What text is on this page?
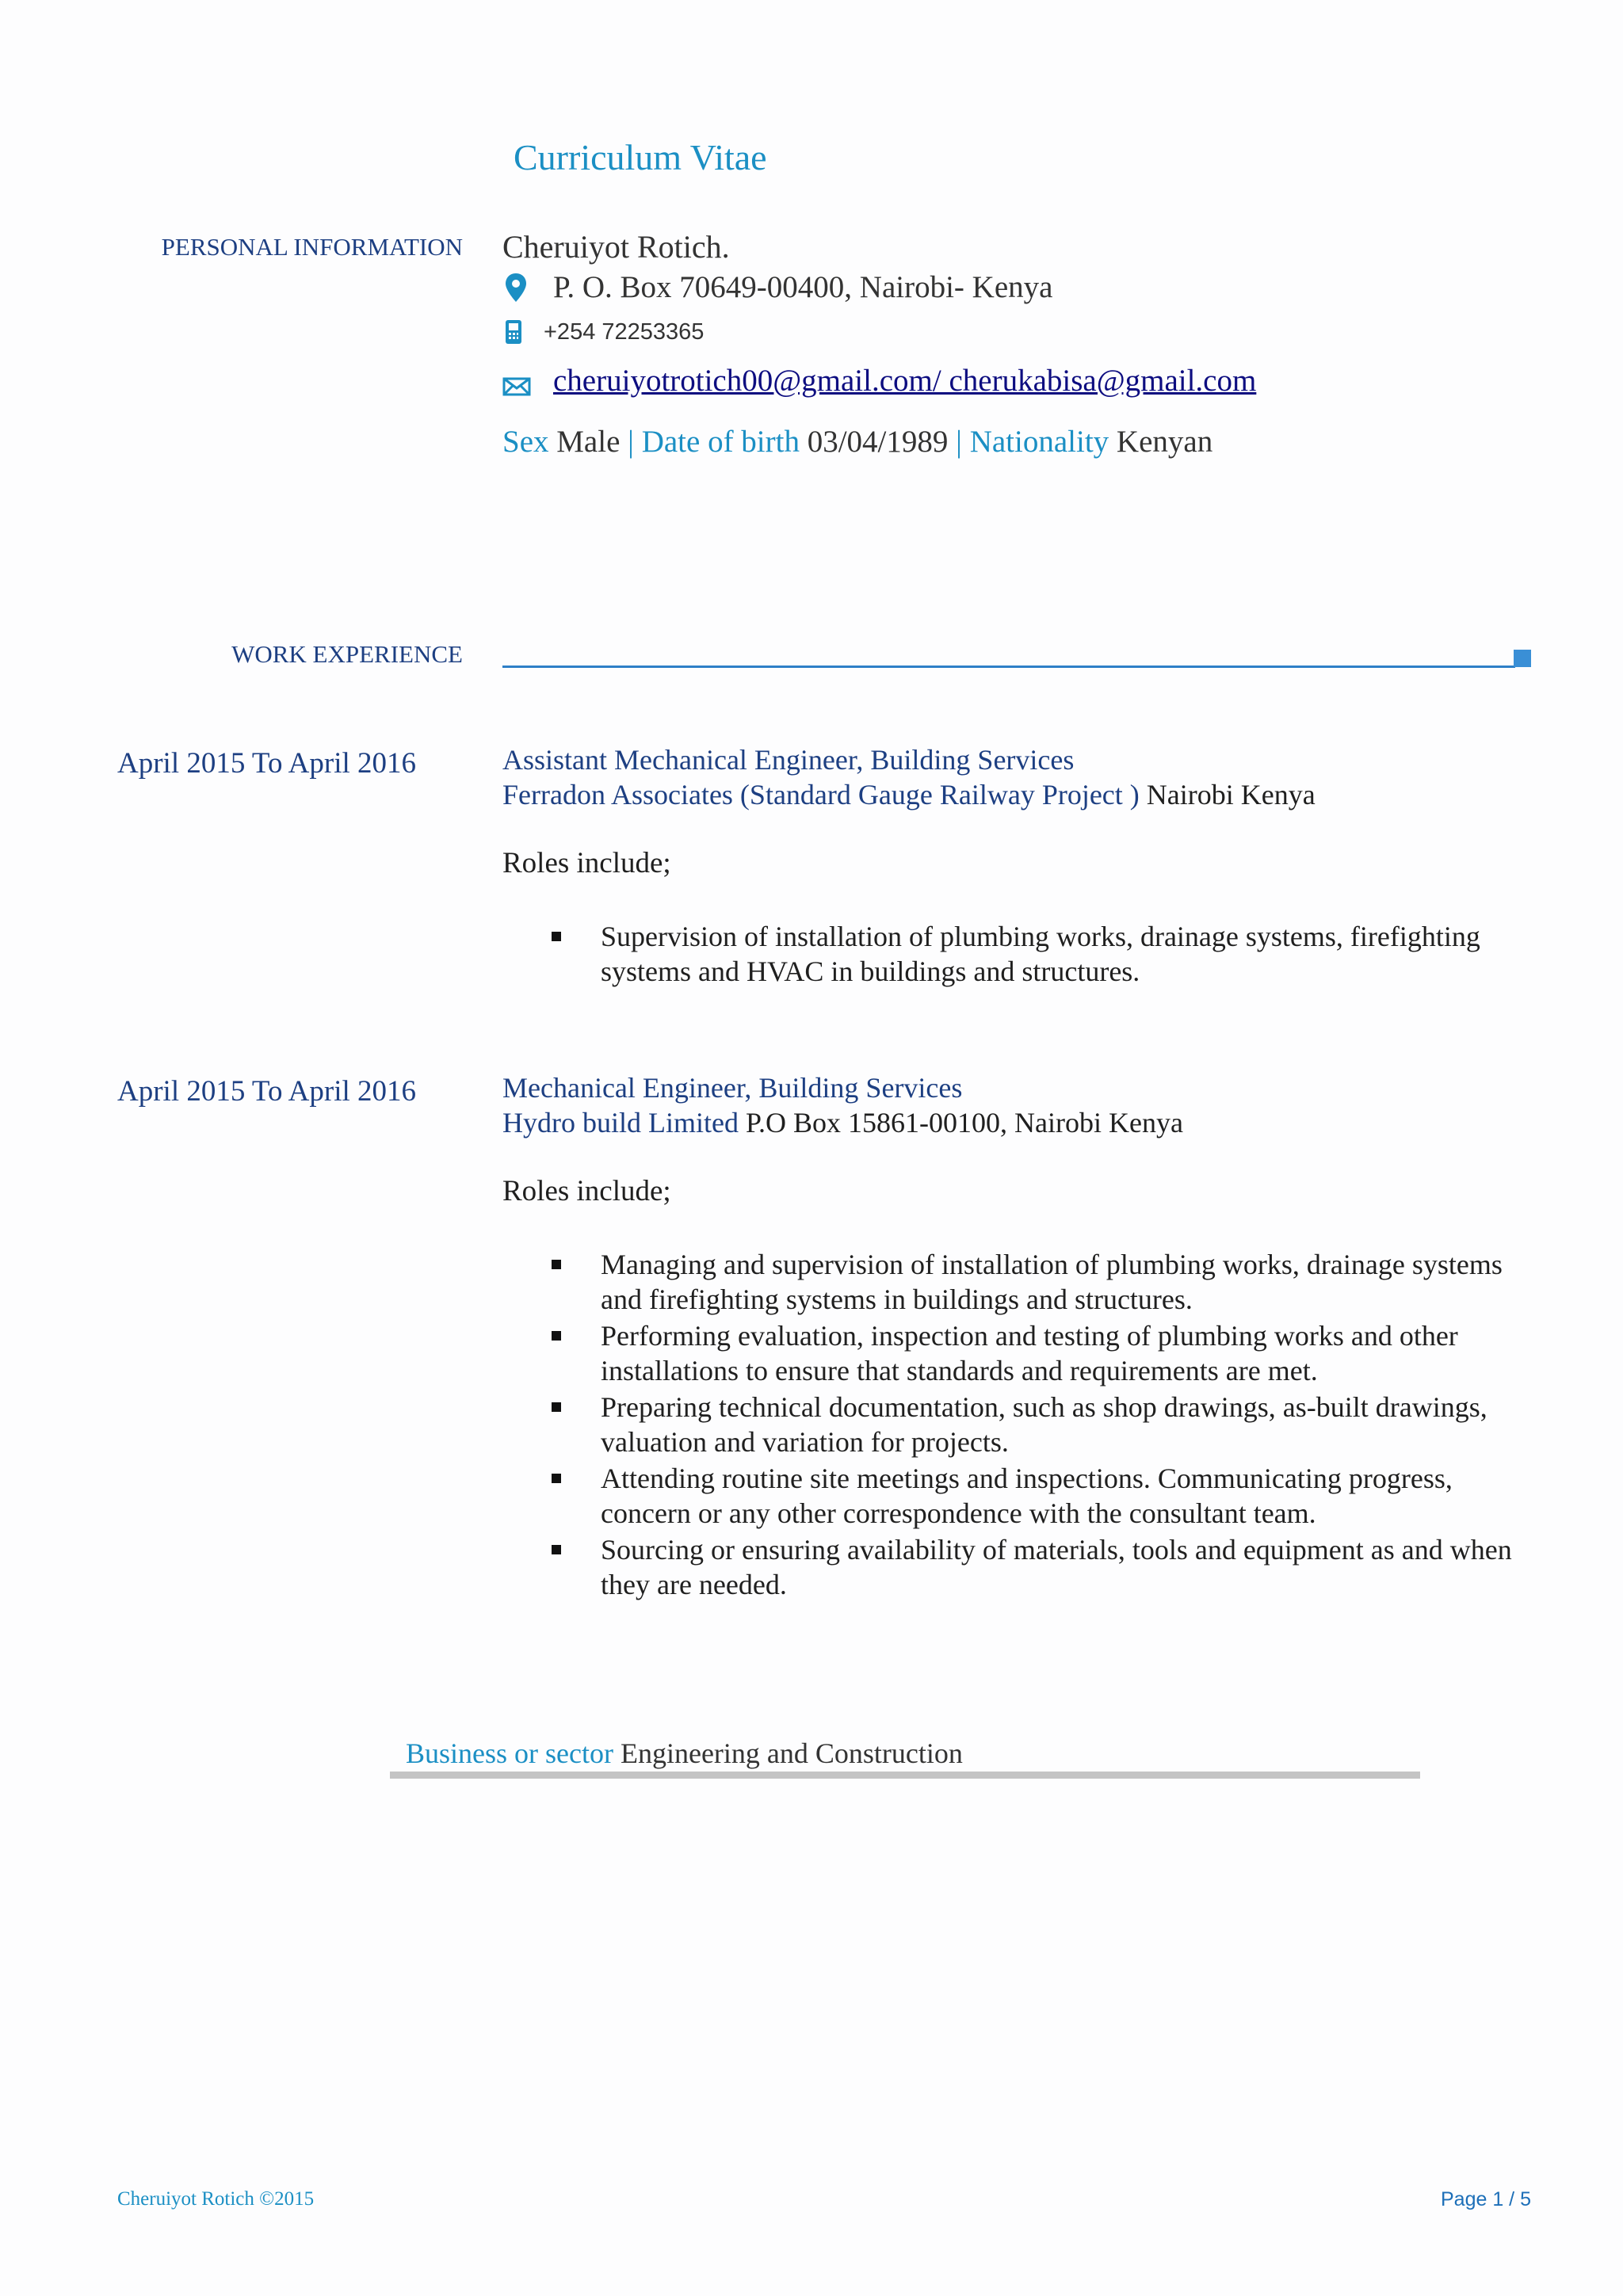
Curriculum Vitae
PERSONAL INFORMATION Cheruiyot Rotich.
P. O. Box 70649-00400, Nairobi- Kenya
+254 72253365
cheruiyotrotich00@gmail.com/ cherukabisa@gmail.com
Sex Male | Date of birth 03/04/1989 | Nationality Kenyan
WORK EXPERIENCE
April 2015 To April 2016	Assistant Mechanical Engineer, Building Services
Ferradon Associates (Standard Gauge Railway Project ) Nairobi Kenya
Roles include;
Supervision of installation of plumbing works, drainage systems, firefighting systems and HVAC in buildings and structures.
April 2015 To April 2016	Mechanical Engineer, Building Services
Hydro build Limited P.O Box 15861-00100, Nairobi Kenya
Roles include;
Managing and supervision of installation of plumbing works, drainage systems and firefighting systems in buildings and structures.
Performing evaluation, inspection and testing of plumbing works and other installations to ensure that standards and requirements are met.
Preparing technical documentation, such as shop drawings, as-built drawings, valuation and variation for projects.
Attending routine site meetings and inspections. Communicating progress, concern or any other correspondence with the consultant team.
Sourcing or ensuring availability of materials, tools and equipment as and when they are needed.
Business or sector Engineering and Construction
Cheruiyot Rotich ©2015	Page 1 / 5
